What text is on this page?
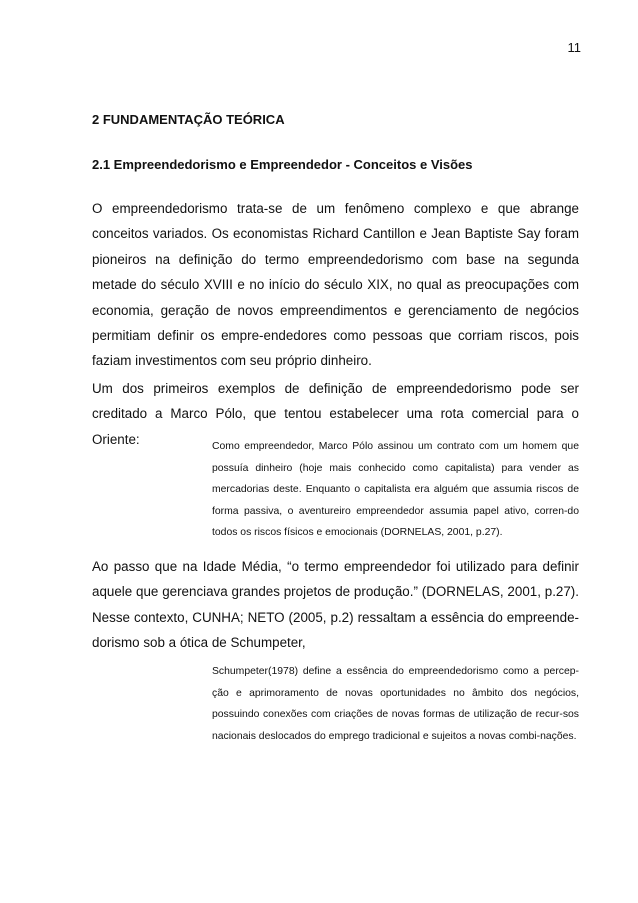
11
2 FUNDAMENTAÇÃO TEÓRICA
2.1 Empreendedorismo e Empreendedor - Conceitos e Visões

O empreendedorismo trata-se de um fenômeno complexo e que abrange conceitos variados. Os economistas Richard Cantillon e Jean Baptiste Say foram pioneiros na definição do termo empreendedorismo com base na segunda metade do século XVIII e no início do século XIX, no qual as preocupações com economia, geração de novos empreendimentos e gerenciamento de negócios permitiam definir os empre-endedores como pessoas que corriam riscos, pois faziam investimentos com seu próprio dinheiro.

Um dos primeiros exemplos de definição de empreendedorismo pode ser creditado a Marco Pólo, que tentou estabelecer uma rota comercial para o Oriente:	Como empreendedor, Marco Pólo assinou um contrato com um homem que possuía dinheiro (hoje mais conhecido como capitalista) para vender as mercadorias deste. Enquanto o capitalista era alguém que assumia riscos de forma passiva, o aventureiro empreendedor assumia papel ativo, corren-do todos os riscos físicos e emocionais (DORNELAS, 2001, p.27).

Ao passo que na Idade Média, “o termo empreendedor foi utilizado para definir aquele que gerenciava grandes projetos de produção.” (DORNELAS, 2001, p.27). Nesse contexto, CUNHA; NETO (2005, p.2) ressaltam a essência do empreende-dorismo sob a ótica de Schumpeter,

Schumpeter(1978) define a essência do empreendedorismo como a percep-ção e aprimoramento de novas oportunidades no âmbito dos negócios, possuindo conexões com criações de novas formas de utilização de recur-sos nacionais deslocados do emprego tradicional e sujeitos a novas combi-nações.
